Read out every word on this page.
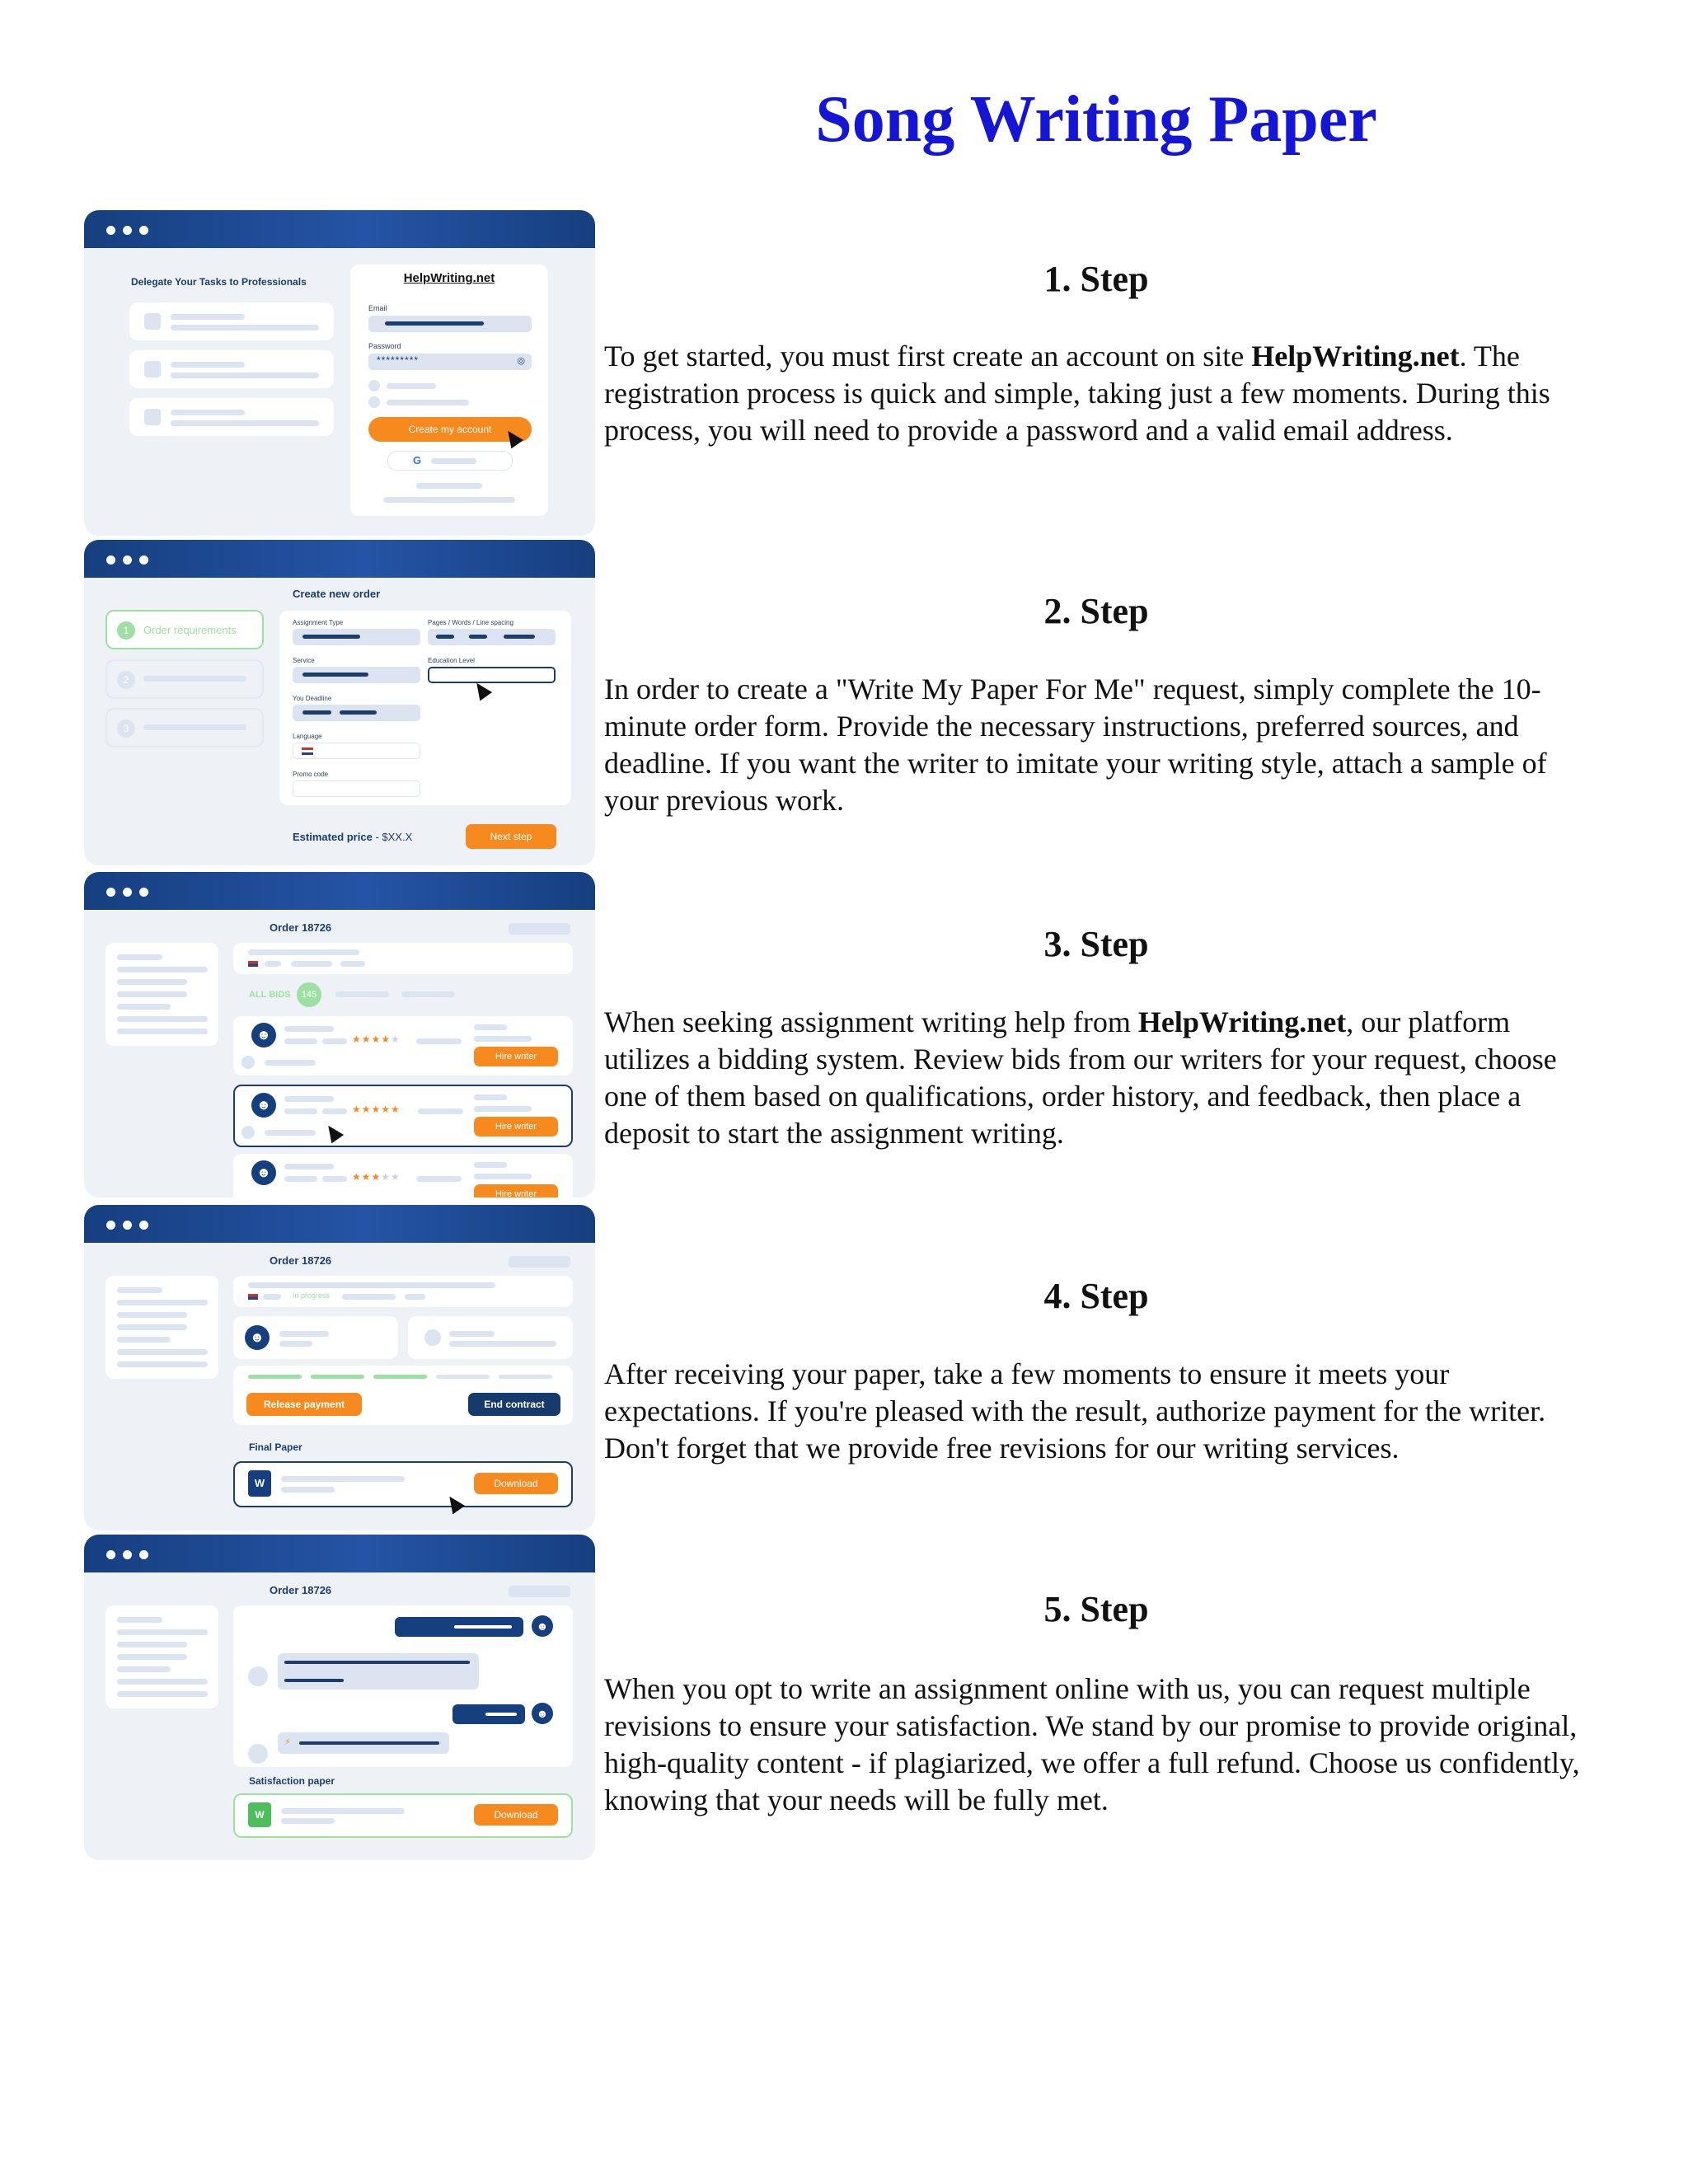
Song Writing Paper
Delegate Your Tasks to Professionals	HelpWriting.net
Email
Password
*********	◎
Create my account
G
Create new order
1	Order requirements
2
3
Assignment Type	Pages / Words / Line spacing
Service	Education Level
You Deadline
Language
Promo code
Estimated price - $XX.X	Next step
Order 18726
ALL BIDS	145
☻	★★★★★
Hire writer
☻	★★★★★
Hire writer
☻	★★★★★
Hire writer
Order 18726
In progress
☻
Release payment	End contract
Final Paper
W	Download
Order 18726
☻
☻
⚡
Satisfaction paper
W	Download
1. Step

To get started, you must first create an account on site HelpWriting.net. The registration process is quick and simple, taking just a few moments. During this process, you will need to provide a password and a valid email address.

2. Step

In order to create a "Write My Paper For Me" request, simply complete the 10-minute order form. Provide the necessary instructions, preferred sources, and deadline. If you want the writer to imitate your writing style, attach a sample of your previous work.

3. Step

When seeking assignment writing help from HelpWriting.net, our platform utilizes a bidding system. Review bids from our writers for your request, choose one of them based on qualifications, order history, and feedback, then place a deposit to start the assignment writing.

4. Step

After receiving your paper, take a few moments to ensure it meets your expectations. If you're pleased with the result, authorize payment for the writer. Don't forget that we provide free revisions for our writing services.

5. Step

When you opt to write an assignment online with us, you can request multiple revisions to ensure your satisfaction. We stand by our promise to provide original, high-quality content - if plagiarized, we offer a full refund. Choose us confidently, knowing that your needs will be fully met.
